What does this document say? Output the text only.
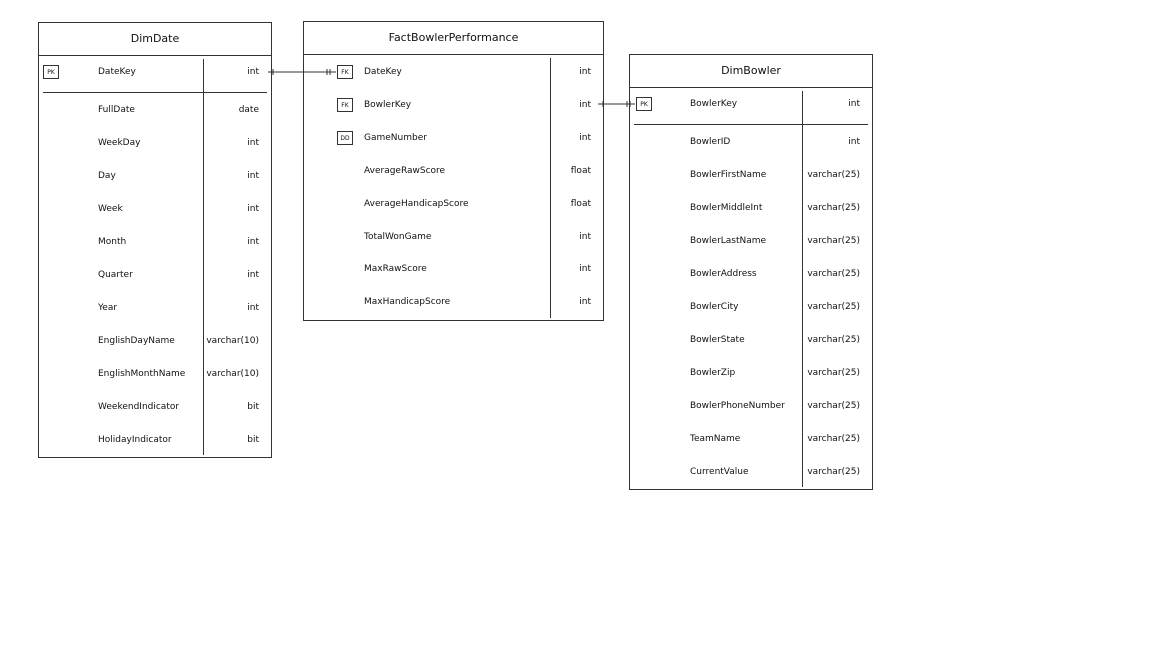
DimDate
PK	DateKey	int
FullDate	date
WeekDay	int
Day	int
Week	int
Month	int
Quarter	int
Year	int
EnglishDayName	varchar(10)
EnglishMonthName varchar(10)
WeekendIndicator	bit
HolidayIndicator	bit
FactBowlerPerformance
FK	DateKey	int
FK	BowlerKey	int
DD	GameNumber	int
AverageRawScore	float
AverageHandicapScore	float
TotalWonGame	int
MaxRawScore	int
MaxHandicapScore	int
DimBowler
PK	BowlerKey	int
BowlerID	int
BowlerFirstName	varchar(25)
BowlerMiddleInt	varchar(25)
BowlerLastName	varchar(25)
BowlerAddress	varchar(25)
BowlerCity	varchar(25)
BowlerState	varchar(25)
BowlerZip	varchar(25)
BowlerPhoneNumber	varchar(25)
TeamName	varchar(25)
CurrentValue	varchar(25)
